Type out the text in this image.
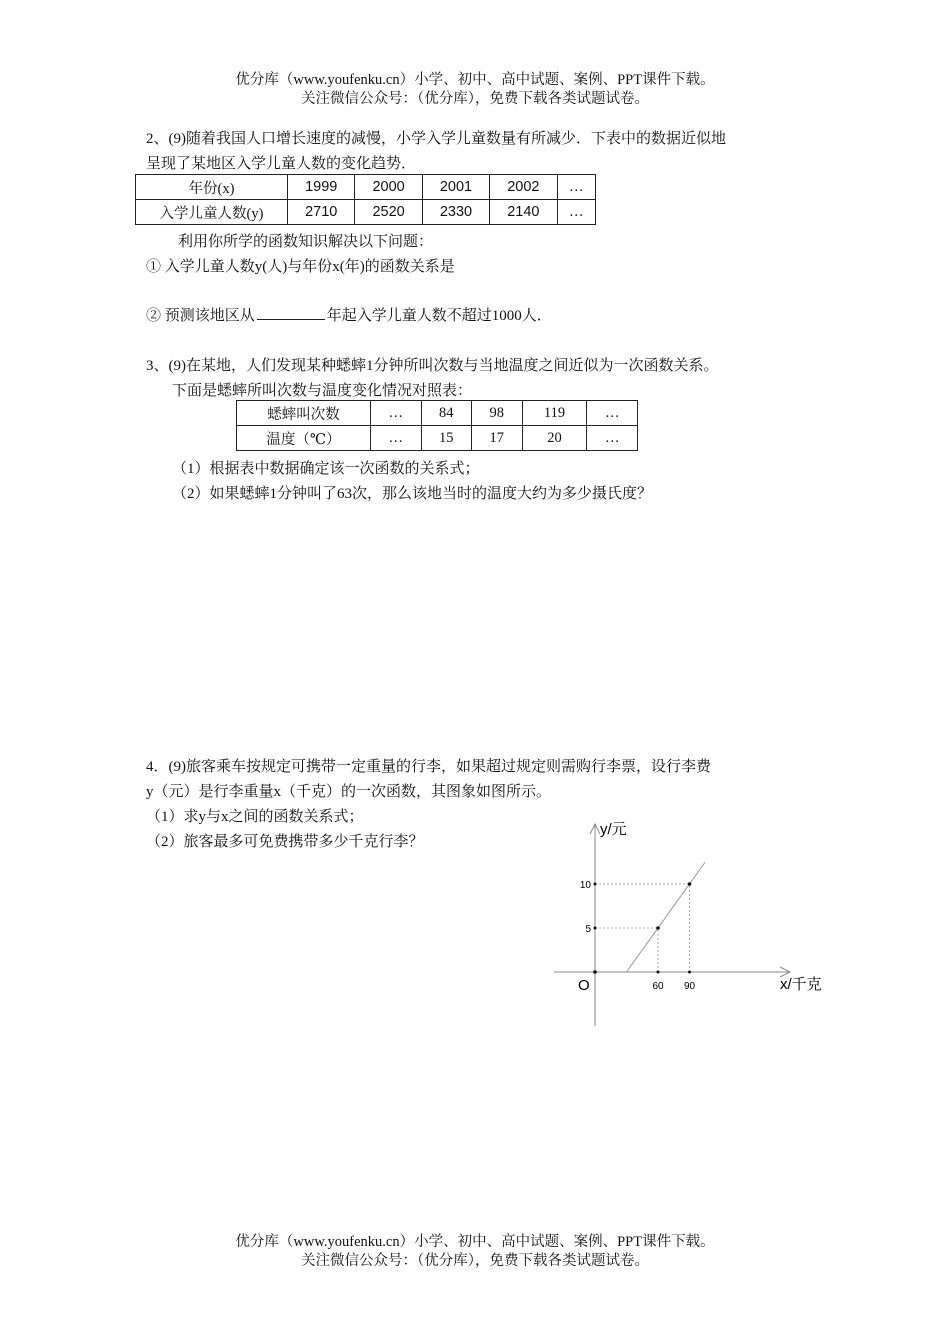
优分库（www.youfenku.cn）小学、初中、高中试题、案例、PPT课件下载。
关注微信公众号：（优分库），免费下载各类试题试卷。
2、(9)随着我国人口增长速度的减慢，小学入学儿童数量有所减少．下表中的数据近似地
呈现了某地区入学儿童人数的变化趋势．
年份(x)	1999	2000	2001	2002	…
入学儿童人数(y)	2710	2520	2330	2140	…
利用你所学的函数知识解决以下问题：
① 入学儿童人数y(人)与年份x(年)的函数关系是
② 预测该地区从	年起入学儿童人数不超过1000人．
3、(9)在某地，人们发现某种蟋蟀1分钟所叫次数与当地温度之间近似为一次函数关系。
下面是蟋蟀所叫次数与温度变化情况对照表：
蟋蟀叫次数	…	84	98	119	…
温度（℃）	…	15	17	20	…
（1）根据表中数据确定该一次函数的关系式；
（2）如果蟋蟀1分钟叫了63次，那么该地当时的温度大约为多少摄氏度？
4．(9)旅客乘车按规定可携带一定重量的行李，如果超过规定则需购行李票，设行李费
y（元）是行李重量x（千克）的一次函数，其图象如图所示。
（1）求y与x之间的函数关系式；
（2）旅客最多可免费携带多少千克行李？
60 90
5
10
O
y/元
x/千克
优分库（www.youfenku.cn）小学、初中、高中试题、案例、PPT课件下载。
关注微信公众号：（优分库），免费下载各类试题试卷。
